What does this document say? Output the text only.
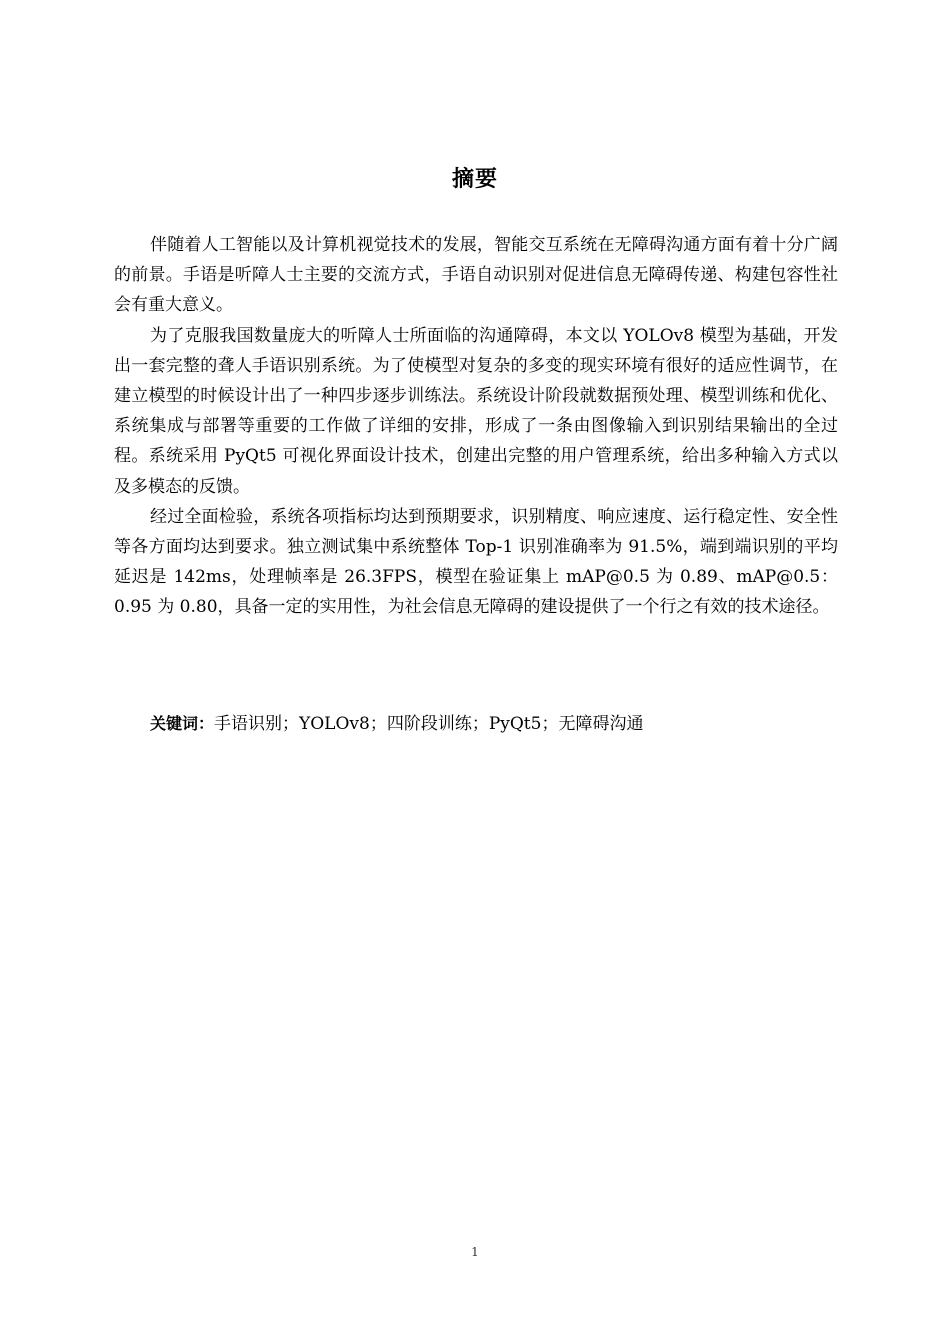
摘要

伴随着人工智能以及计算机视觉技术的发展，智能交互系统在无障碍沟通方面有着十分广阔的前景。手语是听障人士主要的交流方式，手语自动识别对促进信息无障碍传递、构建包容性社会有重大意义。

为了克服我国数量庞大的听障人士所面临的沟通障碍，本文以 YOLOv8 模型为基础，开发出一套完整的聋人手语识别系统。为了使模型对复杂的多变的现实环境有很好的适应性调节，在建立模型的时候设计出了一种四步逐步训练法。系统设计阶段就数据预处理、模型训练和优化、系统集成与部署等重要的工作做了详细的安排，形成了一条由图像输入到识别结果输出的全过程。系统采用 PyQt5 可视化界面设计技术，创建出完整的用户管理系统，给出多种输入方式以及多模态的反馈。

经过全面检验，系统各项指标均达到预期要求，识别精度、响应速度、运行稳定性、安全性等各方面均达到要求。独立测试集中系统整体 Top-1 识别准确率为 91.5%，端到端识别的平均延迟是 142ms，处理帧率是 26.3FPS，模型在验证集上 mAP@0.5 为 0.89、mAP@0.5：0.95 为 0.80，具备一定的实用性，为社会信息无障碍的建设提供了一个行之有效的技术途径。

关键词：手语识别；YOLOv8；四阶段训练；PyQt5；无障碍沟通
1
